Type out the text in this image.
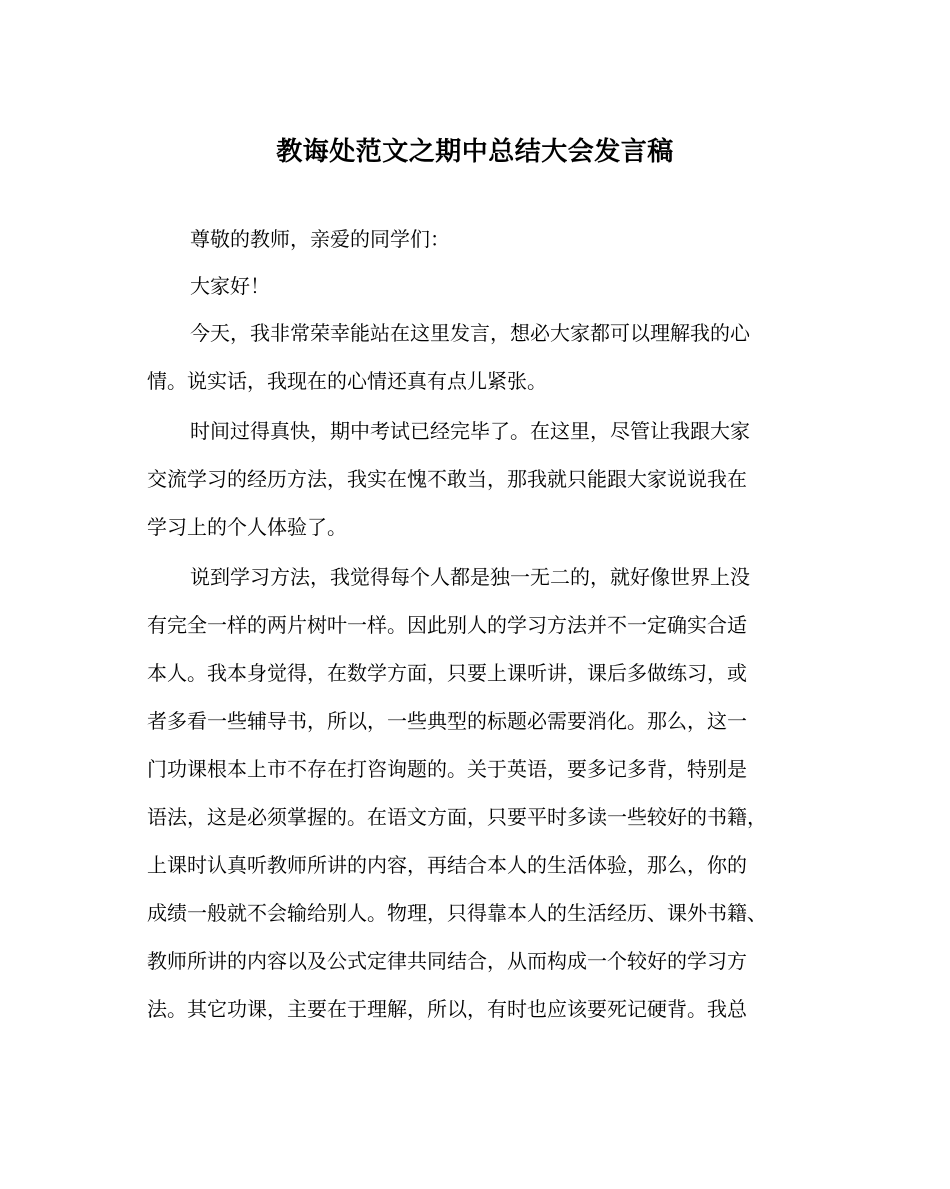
教诲处范文之期中总结大会发言稿

尊敬的教师，亲爱的同学们：

大家好！

今天，我非常荣幸能站在这里发言，想必大家都可以理解我的心

情。说实话，我现在的心情还真有点儿紧张。

时间过得真快，期中考试已经完毕了。在这里，尽管让我跟大家

交流学习的经历方法，我实在愧不敢当，那我就只能跟大家说说我在

学习上的个人体验了。

说到学习方法，我觉得每个人都是独一无二的，就好像世界上没

有完全一样的两片树叶一样。因此别人的学习方法并不一定确实合适

本人。我本身觉得，在数学方面，只要上课听讲，课后多做练习，或

者多看一些辅导书，所以，一些典型的标题必需要消化。那么，这一

门功课根本上市不存在打咨询题的。关于英语，要多记多背，特别是

语法，这是必须掌握的。在语文方面，只要平时多读一些较好的书籍，

上课时认真听教师所讲的内容，再结合本人的生活体验，那么，你的

成绩一般就不会输给别人。物理，只得靠本人的生活经历、课外书籍、

教师所讲的内容以及公式定律共同结合，从而构成一个较好的学习方

法。其它功课，主要在于理解，所以，有时也应该要死记硬背。我总
